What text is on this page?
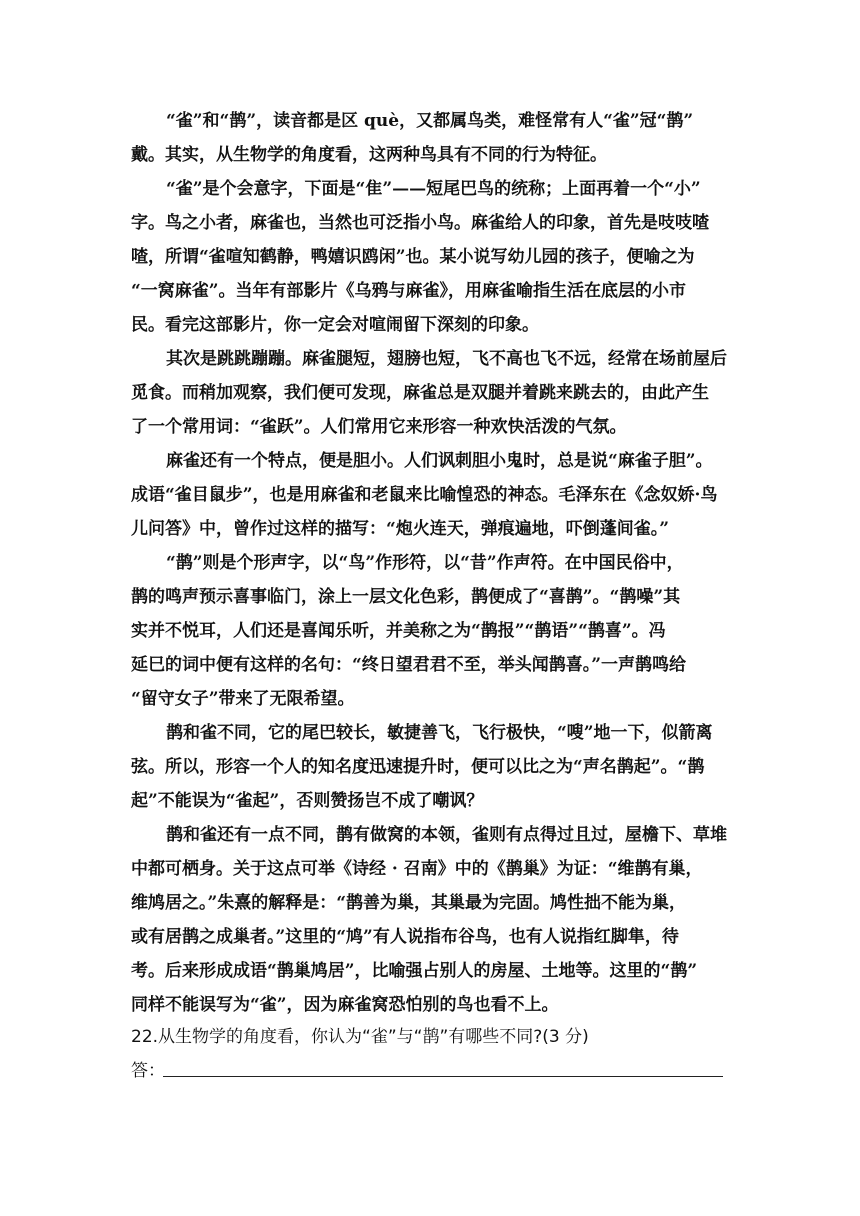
“雀”和“鹊”，读音都是区 què，又都属鸟类，难怪常有人“雀”冠“鹊”
戴。其实，从生物学的角度看，这两种鸟具有不同的行为特征。
“雀”是个会意字，下面是“隹”——短尾巴鸟的统称；上面再着一个“小”
字。鸟之小者，麻雀也，当然也可泛指小鸟。麻雀给人的印象，首先是吱吱喳
喳，所谓“雀喧知鹤静，鸭嬉识鸥闲”也。某小说写幼儿园的孩子，便喻之为
“一窝麻雀”。当年有部影片《乌鸦与麻雀》，用麻雀喻指生活在底层的小市
民。看完这部影片，你一定会对喧闹留下深刻的印象。
其次是跳跳蹦蹦。麻雀腿短，翅膀也短，飞不高也飞不远，经常在场前屋后
觅食。而稍加观察，我们便可发现，麻雀总是双腿并着跳来跳去的，由此产生
了一个常用词：“雀跃”。人们常用它来形容一种欢快活泼的气氛。
麻雀还有一个特点，便是胆小。人们讽刺胆小鬼时，总是说“麻雀子胆”。
成语“雀目鼠步”，也是用麻雀和老鼠来比喻惶恐的神态。毛泽东在《念奴娇·鸟
儿问答》中，曾作过这样的描写：“炮火连天，弹痕遍地，吓倒蓬间雀。”
“鹊”则是个形声字，以“鸟”作形符，以“昔”作声符。在中国民俗中，
鹊的鸣声预示喜事临门，涂上一层文化色彩，鹊便成了“喜鹊”。“鹊噪”其
实并不悦耳，人们还是喜闻乐听，并美称之为“鹊报”“鹊语”“鹊喜”。冯
延巳的词中便有这样的名句：“终日望君君不至，举头闻鹊喜。”一声鹊鸣给
“留守女子”带来了无限希望。
鹊和雀不同，它的尾巴较长，敏捷善飞，飞行极快，“嗖”地一下，似箭离
弦。所以，形容一个人的知名度迅速提升时，便可以比之为“声名鹊起”。“鹊
起”不能误为“雀起”，否则赞扬岂不成了嘲讽？
鹊和雀还有一点不同，鹊有做窝的本领，雀则有点得过且过，屋檐下、草堆
中都可栖身。关于这点可举《诗经 · 召南》中的《鹊巢》为证：“维鹊有巢，
维鸠居之。”朱熹的解释是：“鹊善为巢，其巢最为完固。鸠性拙不能为巢，
或有居鹊之成巢者。”这里的“鸠”有人说指布谷鸟，也有人说指红脚隼，待
考。后来形成成语“鹊巢鸠居”，比喻强占别人的房屋、土地等。这里的“鹊”
同样不能误写为“雀”，因为麻雀窝恐怕别的鸟也看不上。

22.从生物学的角度看，你认为“雀”与“鹊”有哪些不同?(3 分)

答：
